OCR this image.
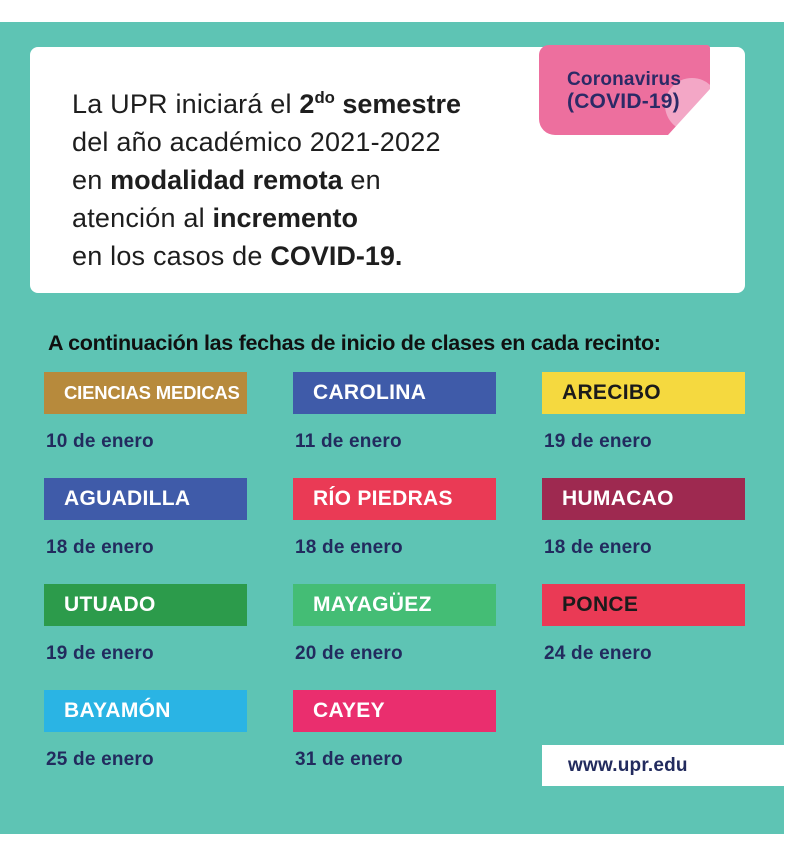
La UPR iniciará el $2^{do}$ semestre
del año académico 2021-2022
en modalidad remota en
atención al incremento
en los casos de COVID-19.
Coronavirus
(COVID-19)
A continuación las fechas de inicio de clases en cada recinto:
CIENCIAS MEDICAS
10 de enero
CAROLINA
11 de enero
ARECIBO
19 de enero
AGUADILLA
18 de enero
RÍO PIEDRAS
18 de enero
HUMACAO
18 de enero
UTUADO
19 de enero
MAYAGÜEZ
20 de enero
PONCE
24 de enero
BAYAMÓN
25 de enero
CAYEY
31 de enero	www.upr.edu
